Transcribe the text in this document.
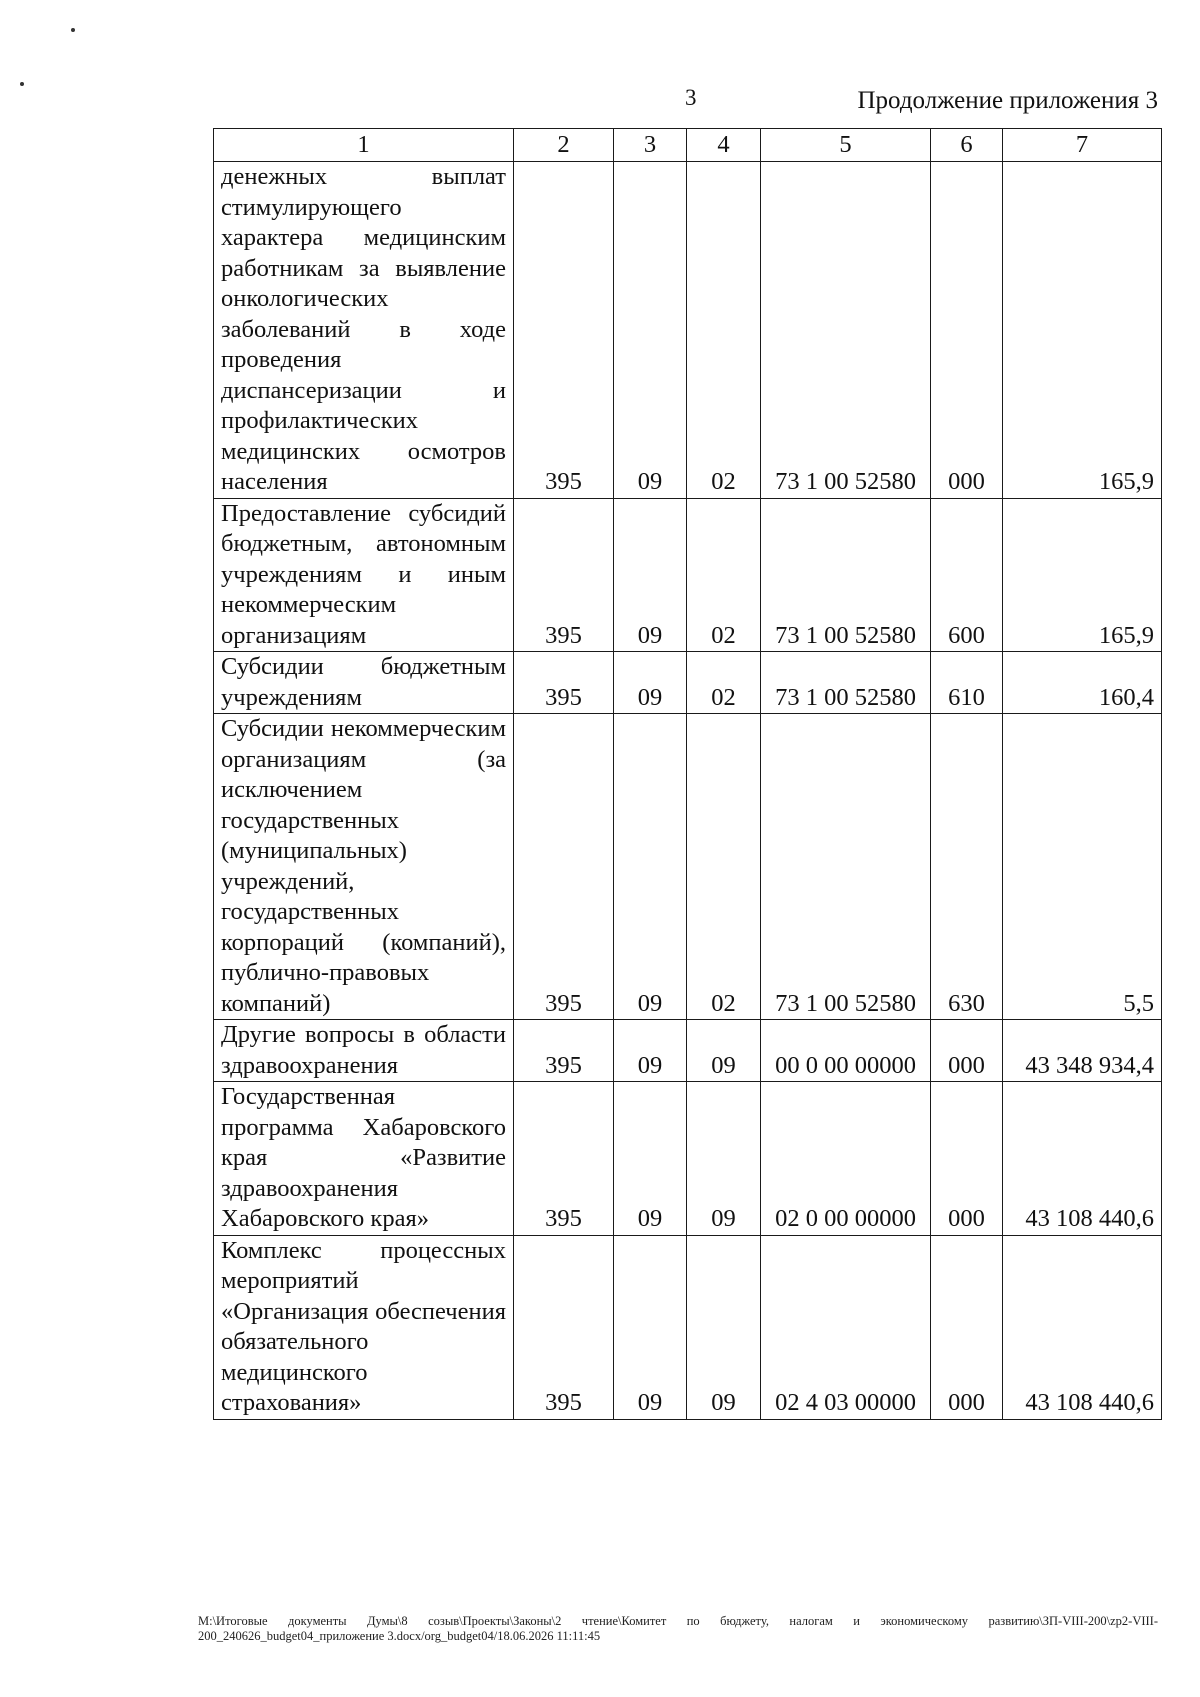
3	Продолжение приложения 3
1	2	3	4	5	6	7
денежных выплат стимулирующего характера медицинским работникам за выявление онкологических заболеваний в ходе проведения диспансеризации и профилактических медицинских осмотров населения	395	09	02	73 1 00 52580	000	165,9
Предоставление субсидий бюджетным, автономным учреждениям и иным некоммерческим организациям	395	09	02	73 1 00 52580	600	165,9
Субсидии бюджетным учреждениям	395	09	02	73 1 00 52580	610	160,4
Субсидии некоммерческим организациям (за исключением государственных (муниципальных) учреждений, государственных корпораций (компаний), публично-правовых компаний)	395	09	02	73 1 00 52580	630	5,5
Другие вопросы в области здравоохранения	395	09	09	00 0 00 00000	000	43 348 934,4
Государственная программа Хабаровского края «Развитие здравоохранения Хабаровского края»	395	09	09	02 0 00 00000	000	43 108 440,6
Комплекс процессных мероприятий «Организация обеспечения обязательного медицинского страхования»	395	09	09	02 4 03 00000	000	43 108 440,6
M:\Итоговые документы Думы\8 созыв\Проекты\Законы\2 чтение\Комитет по бюджету, налогам и экономическому развитию\ЗП-VIII-200\zp2-VIII-200_240626_budget04_приложение 3.docx/org_budget04/18.06.2026 11:11:45
